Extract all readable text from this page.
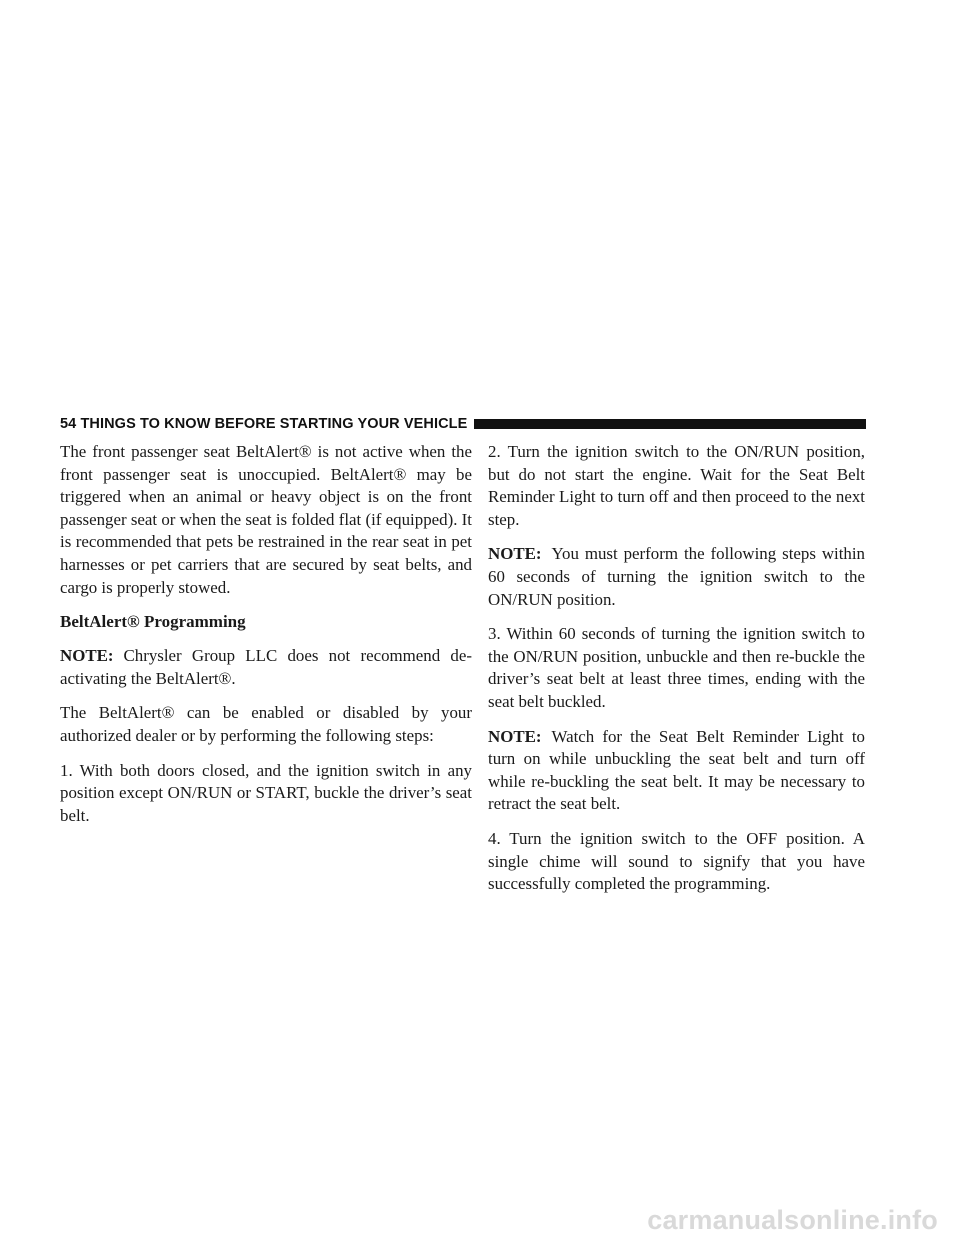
54 THINGS TO KNOW BEFORE STARTING YOUR VEHICLE

The front passenger seat BeltAlert® is not active when the front passenger seat is unoccupied. BeltAlert® may be triggered when an animal or heavy object is on the front passenger seat or when the seat is folded flat (if equipped). It is recommended that pets be restrained in the rear seat in pet harnesses or pet carriers that are secured by seat belts, and cargo is properly stowed.

BeltAlert® Programming

NOTE: Chrysler Group LLC does not recommend de-activating the BeltAlert®.

The BeltAlert® can be enabled or disabled by your authorized dealer or by performing the following steps:

1. With both doors closed, and the ignition switch in any position except ON/RUN or START, buckle the driver’s seat belt.

2. Turn the ignition switch to the ON/RUN position, but do not start the engine. Wait for the Seat Belt Reminder Light to turn off and then proceed to the next step.

NOTE: You must perform the following steps within 60 seconds of turning the ignition switch to the ON/RUN position.

3. Within 60 seconds of turning the ignition switch to the ON/RUN position, unbuckle and then re-buckle the driver’s seat belt at least three times, ending with the seat belt buckled.

NOTE: Watch for the Seat Belt Reminder Light to turn on while unbuckling the seat belt and turn off while re-buckling the seat belt. It may be necessary to retract the seat belt.

4. Turn the ignition switch to the OFF position. A single chime will sound to signify that you have successfully completed the programming.

carmanualsonline.info
